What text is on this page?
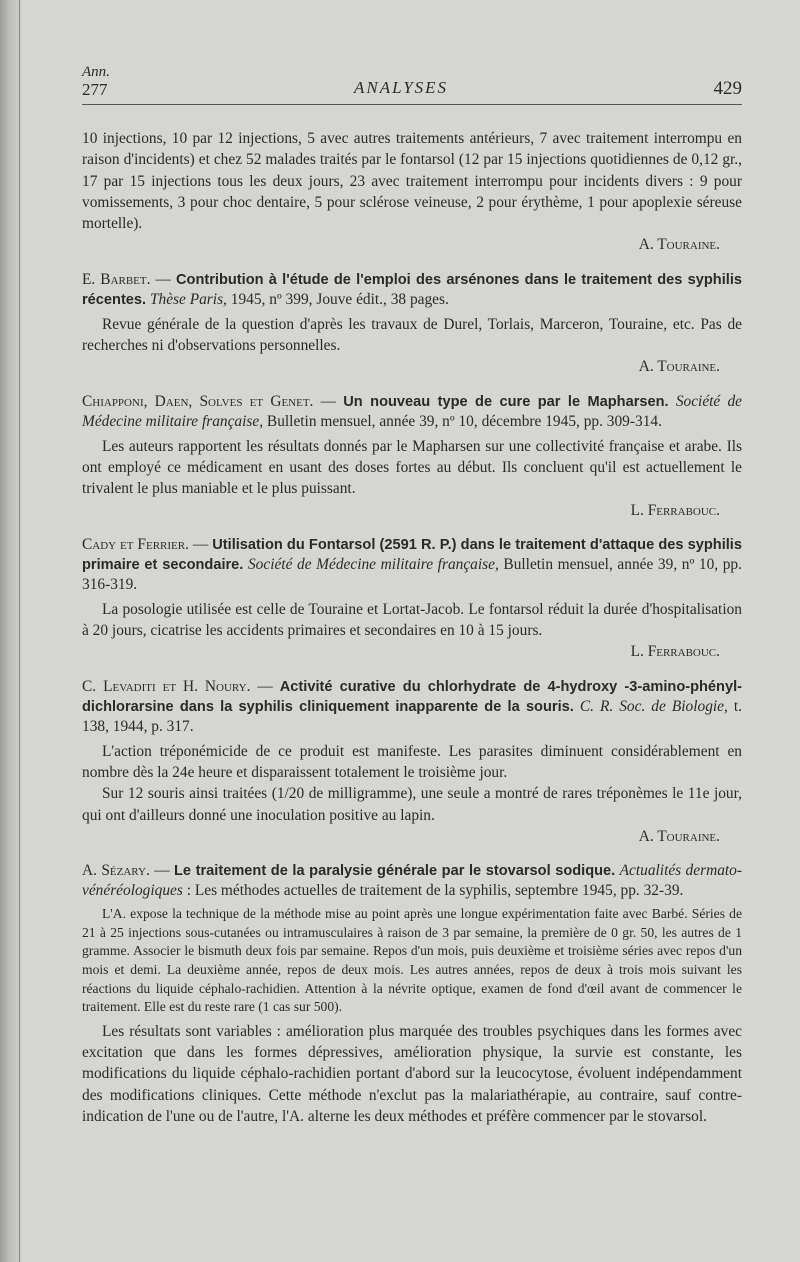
Ann.
277	ANALYSES	429

10 injections, 10 par 12 injections, 5 avec autres traitements antérieurs, 7 avec traitement interrompu en raison d'incidents) et chez 52 malades traités par le fontarsol (12 par 15 injections quotidiennes de 0,12 gr., 17 par 15 injections tous les deux jours, 23 avec traitement interrompu pour incidents divers : 9 pour vomissements, 3 pour choc dentaire, 5 pour sclérose veineuse, 2 pour érythème, 1 pour apoplexie séreuse mortelle).

A. Touraine.

E. Barbet. — Contribution à l'étude de l'emploi des arsénones dans le traitement des syphilis récentes. Thèse Paris, 1945, nº 399, Jouve édit., 38 pages.

Revue générale de la question d'après les travaux de Durel, Torlais, Marceron, Touraine, etc. Pas de recherches ni d'observations personnelles.

A. Touraine.

Chiapponi, Daen, Solves et Genet. — Un nouveau type de cure par le Mapharsen. Société de Médecine militaire française, Bulletin mensuel, année 39, nº 10, décembre 1945, pp. 309-314.

Les auteurs rapportent les résultats donnés par le Mapharsen sur une collectivité française et arabe. Ils ont employé ce médicament en usant des doses fortes au début. Ils concluent qu'il est actuellement le trivalent le plus maniable et le plus puissant.

L. Ferrabouc.

Cady et Ferrier. — Utilisation du Fontarsol (2591 R. P.) dans le traitement d'attaque des syphilis primaire et secondaire. Société de Médecine militaire française, Bulletin mensuel, année 39, nº 10, pp. 316-319.

La posologie utilisée est celle de Touraine et Lortat-Jacob. Le fontarsol réduit la durée d'hospitalisation à 20 jours, cicatrise les accidents primaires et secondaires en 10 à 15 jours.

L. Ferrabouc.

C. Levaditi et H. Noury. — Activité curative du chlorhydrate de 4-hydroxy -3-amino-phényl-dichlorarsine dans la syphilis cliniquement inapparente de la souris. C. R. Soc. de Biologie, t. 138, 1944, p. 317.

L'action tréponémicide de ce produit est manifeste. Les parasites diminuent considérablement en nombre dès la 24e heure et disparaissent totalement le troisième jour.

Sur 12 souris ainsi traitées (1/20 de milligramme), une seule a montré de rares tréponèmes le 11e jour, qui ont d'ailleurs donné une inoculation positive au lapin.

A. Touraine.

A. Sézary. — Le traitement de la paralysie générale par le stovarsol sodique. Actualités dermato-vénéréologiques : Les méthodes actuelles de traitement de la syphilis, septembre 1945, pp. 32-39.

L'A. expose la technique de la méthode mise au point après une longue expérimentation faite avec Barbé. Séries de 21 à 25 injections sous-cutanées ou intramusculaires à raison de 3 par semaine, la première de 0 gr. 50, les autres de 1 gramme. Associer le bismuth deux fois par semaine. Repos d'un mois, puis deuxième et troisième séries avec repos d'un mois et demi. La deuxième année, repos de deux mois. Les autres années, repos de deux à trois mois suivant les réactions du liquide céphalo-rachidien. Attention à la névrite optique, examen de fond d'œil avant de commencer le traitement. Elle est du reste rare (1 cas sur 500).

Les résultats sont variables : amélioration plus marquée des troubles psychiques dans les formes avec excitation que dans les formes dépressives, amélioration physique, la survie est constante, les modifications du liquide céphalo-rachidien portant d'abord sur la leucocytose, évoluent indépendamment des modifications cliniques. Cette méthode n'exclut pas la malariathérapie, au contraire, sauf contre-indication de l'une ou de l'autre, l'A. alterne les deux méthodes et préfère commencer par le stovarsol.
